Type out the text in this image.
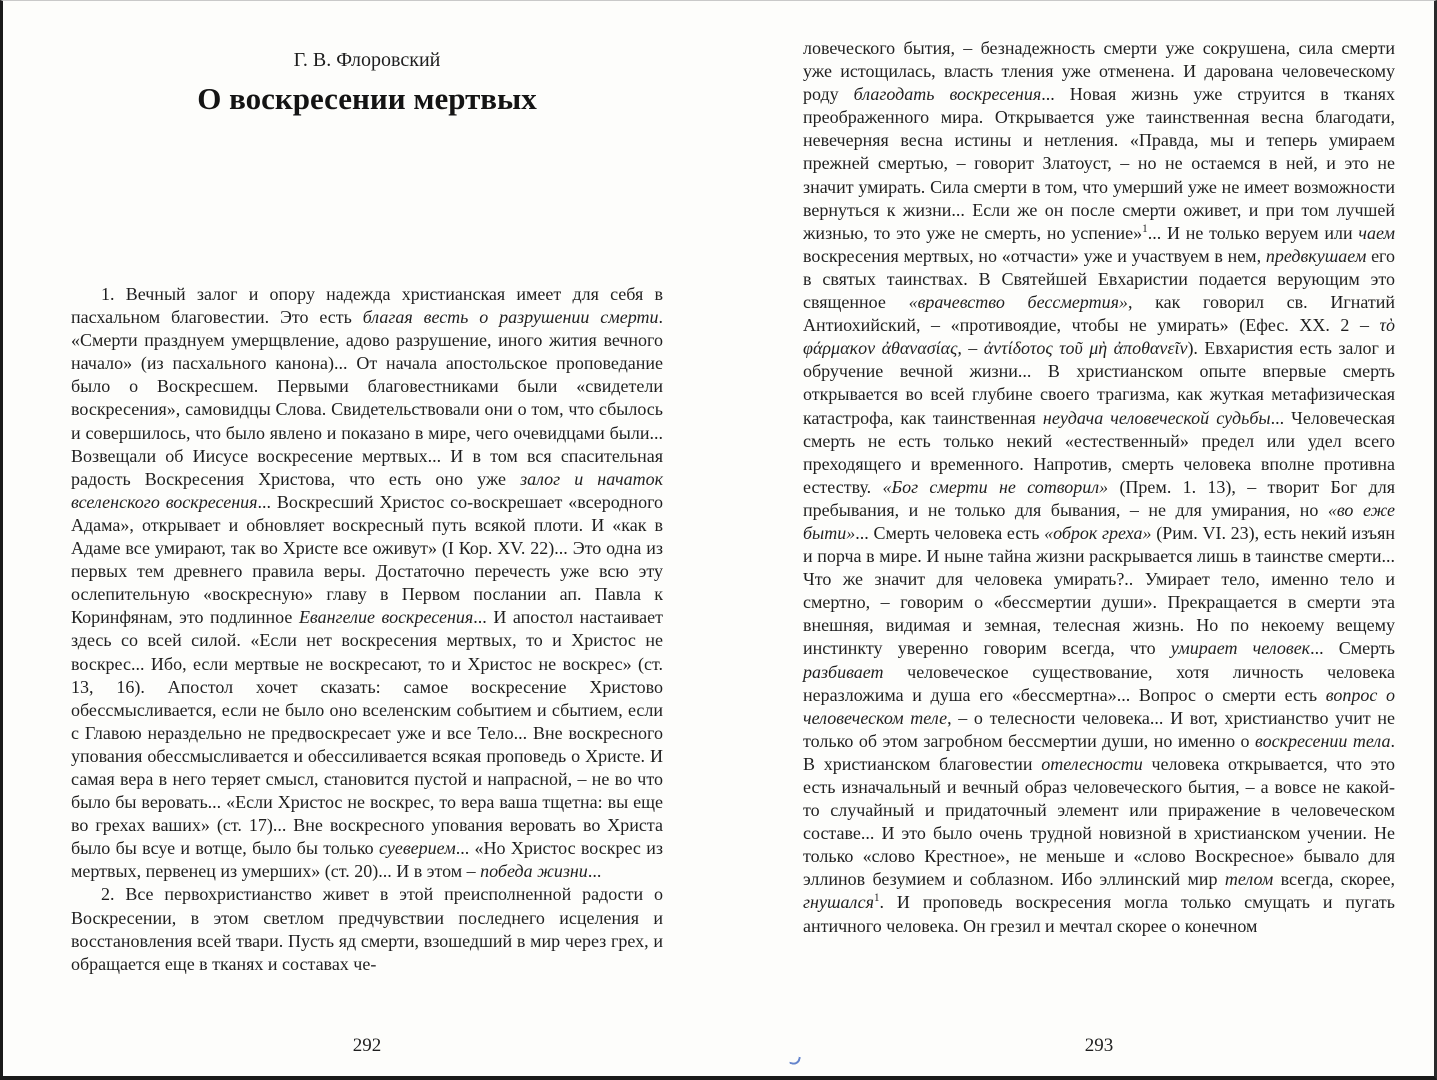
Г. В. Флоровский
О воскресении мертвых

1. Вечный залог и опору надежда христианская имеет для себя в пасхальном благовестии. Это есть благая весть о разрушении смерти. «Смерти празднуем умерщвление, адово разрушение, иного жития вечного начало» (из пасхального канона)... От начала апостольское проповедание было о Воскресшем. Первыми благовестниками были «свидетели воскресения», самовидцы Слова. Свидетельствовали они о том, что сбылось и совершилось, что было явлено и показано в мире, чего очевидцами были... Возвещали об Иисусе воскресение мертвых... И в том вся спасительная радость Воскресения Христова, что есть оно уже залог и начаток вселенского воскресения... Воскресший Христос со-воскрешает «всеродного Адама», открывает и обновляет воскресный путь всякой плоти. И «как в Адаме все умирают, так во Христе все оживут» (I Кор. XV. 22)... Это одна из первых тем древнего правила веры. Достаточно перечесть уже всю эту ослепительную «воскресную» главу в Первом послании ап. Павла к Коринфянам, это подлинное Евангелие воскресения... И апостол настаивает здесь со всей силой. «Если нет воскресения мертвых, то и Христос не воскрес... Ибо, если мертвые не воскресают, то и Христос не воскрес» (ст. 13, 16). Апостол хочет сказать: самое воскресение Христово обессмысливается, если не было оно вселенским событием и сбытием, если с Главою нераздельно не предвоскресает уже и все Тело... Вне воскресного упования обессмысливается и обессиливается всякая проповедь о Христе. И самая вера в него теряет смысл, становится пустой и напрасной, – не во что было бы веровать... «Если Христос не воскрес, то вера ваша тщетна: вы еще во грехах ваших» (ст. 17)... Вне воскресного упования веровать во Христа было бы всуе и вотще, было бы только суеверием... «Но Христос воскрес из мертвых, первенец из умерших» (ст. 20)... И в этом – победа жизни...

2. Все первохристианство живет в этой преисполненной радости о Воскресении, в этом светлом предчувствии последнего исцеления и восстановления всей твари. Пусть яд смерти, взошедший в мир через грех, и обращается еще в тканях и составах че-

292

ловеческого бытия, – безнадежность смерти уже сокрушена, сила смерти уже истощилась, власть тления уже отменена. И дарована человеческому роду благодать воскресения... Новая жизнь уже струится в тканях преображенного мира. Открывается уже таинственная весна благодати, невечерняя весна истины и нетления. «Правда, мы и теперь умираем прежней смертью, – говорит Златоуст, – но не остаемся в ней, и это не значит умирать. Сила смерти в том, что умерший уже не имеет возможности вернуться к жизни... Если же он после смерти оживет, и при том лучшей жизнью, то это уже не смерть, но успение»$^1$... И не только веруем или чаем воскресения мертвых, но «отчасти» уже и участвуем в нем, предвкушаем его в святых таинствах. В Святейшей Евхаристии подается верующим это священное «врачевство бессмертия», как говорил св. Игнатий Антиохийский, – «противоядие, чтобы не умирать» (Ефес. XX. 2 – τὸ φάρμακον ἀθανασίας, – ἀντίδοτος τοῦ μὴ ἀποθανεῖν). Евхаристия есть залог и обручение вечной жизни... В христианском опыте впервые смерть открывается во всей глубине своего трагизма, как жуткая метафизическая катастрофа, как таинственная неудача человеческой судьбы... Человеческая смерть не есть только некий «естественный» предел или удел всего преходящего и временного. Напротив, смерть человека вполне противна естеству. «Бог смерти не сотворил» (Прем. 1. 13), – творит Бог для пребывания, и не только для бывания, – не для умирания, но «во еже быти»... Смерть человека есть «оброк греха» (Рим. VI. 23), есть некий изъян и порча в мире. И ныне тайна жизни раскрывается лишь в таинстве смерти... Что же значит для человека умирать?.. Умирает тело, именно тело и смертно, – говорим о «бессмертии души». Прекращается в смерти эта внешняя, видимая и земная, телесная жизнь. Но по некоему вещему инстинкту уверенно говорим всегда, что умирает человек... Смерть разбивает человеческое существование, хотя личность человека неразложима и душа его «бессмертна»... Вопрос о смерти есть вопрос о человеческом теле, – о телесности человека... И вот, христианство учит не только об этом загробном бессмертии души, но именно о воскресении тела. В христианском благовестии отелесности человека открывается, что это есть изначальный и вечный образ человеческого бытия, – а вовсе не какой-то случайный и придаточный элемент или приражение в человеческом составе... И это было очень трудной новизной в христианском учении. Не только «слово Крестное», не меньше и «слово Воскресное» бывало для эллинов безумием и соблазном. Ибо эллинский мир телом всегда, скорее, гнушался$^1$. И проповедь воскресения могла только смущать и пугать античного человека. Он грезил и мечтал скорее о конечном

293
